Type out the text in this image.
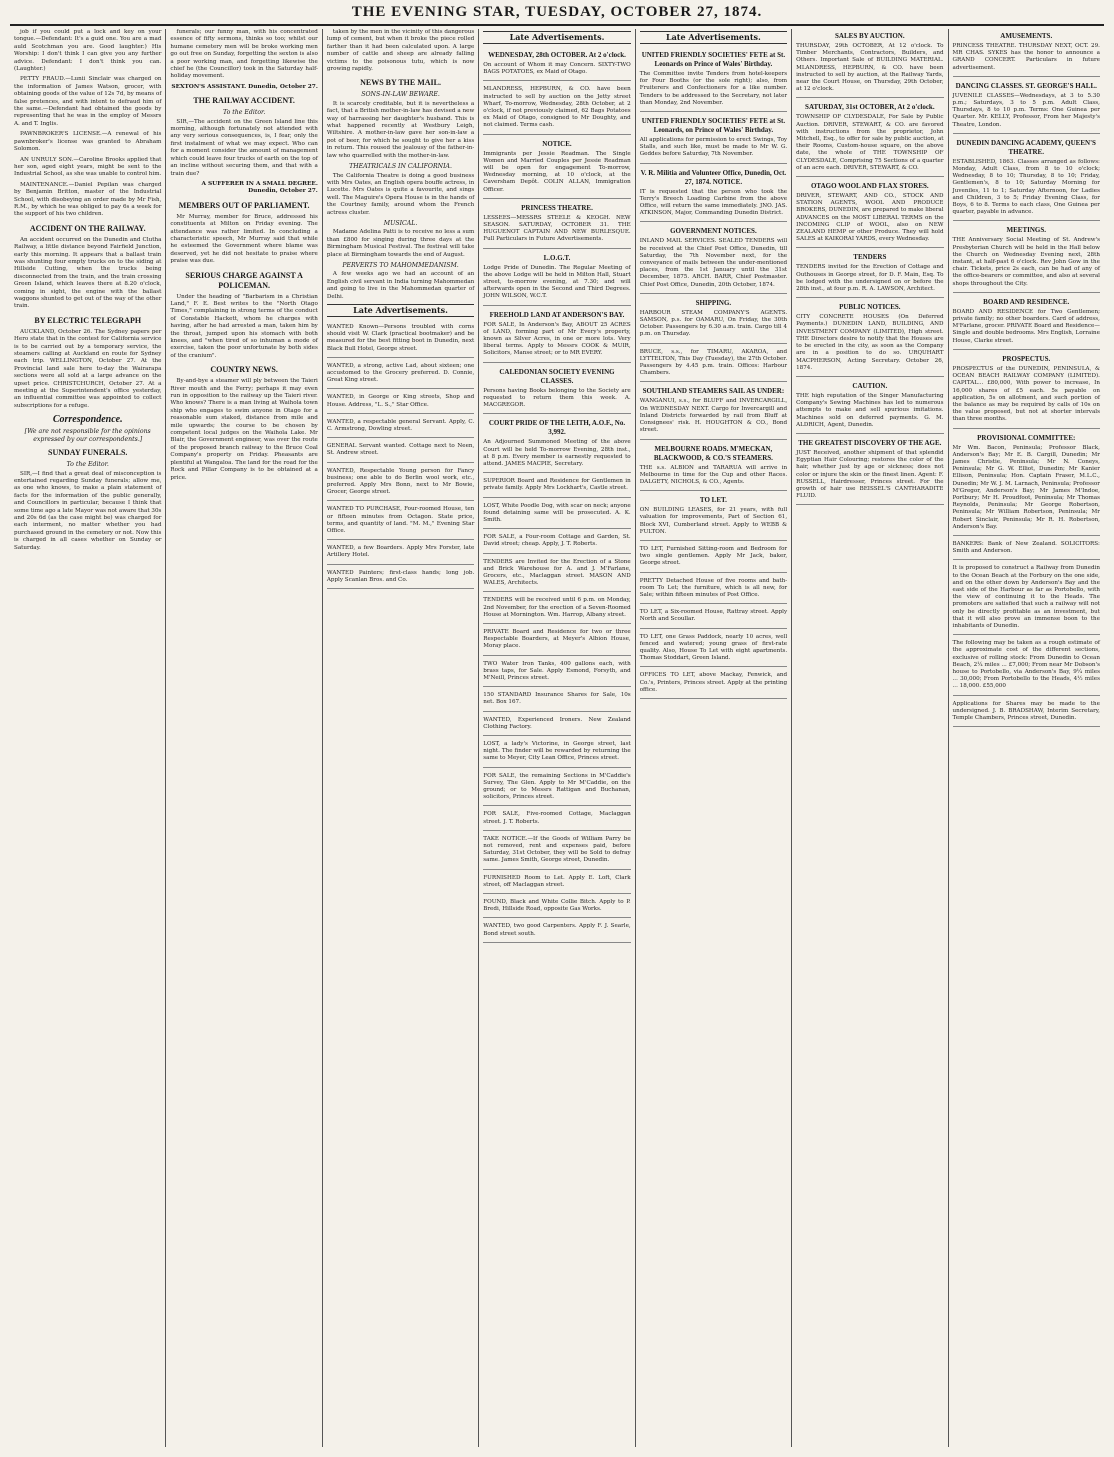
THE EVENING STAR, TUESDAY, OCTOBER 27, 1874.

job if you could put a lock and key on your tongue.—Defendant: It's a guid one. You are a mad auld Scotchman you are. Good laughter.) His Worship: I don't think I can give you any further advice. Defendant: I don't think you can. (Laughter.)

PETTY FRAUD.—Lunii Sinclair was charged on the information of James Watson, grocer, with obtaining goods of the value of 12s 7d, by means of false pretences, and with intent to defraud him of the same.—Defendant had obtained the goods by representing that he was in the employ of Messrs A. and T. Inglis.

PAWNBROKER'S LICENSE.—A renewal of his pawnbroker's license was granted to Abraham Solomon.

AN UNRULY SON.—Caroline Brooks applied that her son, aged eight years, might be sent to the Industrial School, as she was unable to control him.

MAINTENANCE.—Daniel Pepilan was charged by Benjamin Britton, master of the Industrial School, with disobeying an order made by Mr Fish, R.M., by which he was obliged to pay 6s a week for the support of his two children.

ACCIDENT ON THE RAILWAY.

An accident occurred on the Dunedin and Clutha Railway, a little distance beyond Fairfield Junction, early this morning. It appears that a ballast train was shunting four empty trucks on to the siding at Hillside Cutting, when the trucks being disconnected from the train, and the train crossing Green Island, which leaves there at 8.20 o'clock, coming in sight, the engine with the ballast waggons shunted to get out of the way of the other train.

BY ELECTRIC TELEGRAPH

AUCKLAND, October 26. The Sydney papers per Hero state that in the contest for California service is to be carried out by a temporary service, the steamers calling at Auckland en route for Sydney each trip. WELLINGTON, October 27. At the Provincial land sale here to-day the Wairarapa sections were all sold at a large advance on the upset price. CHRISTCHURCH, October 27. At a meeting at the Superintendent's office yesterday, an influential committee was appointed to collect subscriptions for a refuge.

Correspondence.
[We are not responsible for the opinions expressed by our correspondents.]
SUNDAY FUNERALS.
To the Editor.

SIR,—I find that a great deal of misconception is entertained regarding Sunday funerals; allow me, as one who knows, to make a plain statement of facts for the information of the public generally, and Councillors in particular, because I think that some time ago a late Mayor was not aware that 30s and 20s 6d (as the case might be) was charged for each interment, no matter whether you had purchased ground in the cemetery or not. Now this is charged in all cases whether on Sunday or Saturday.

funerals; our funny man, with his concentrated essence of fifty sermons, thinks so too; whilst our humane cemetery men will be broke working men go out free on Sunday, forgetting the sexton is also a poor working man, and forgetting likewise the chief he (the Councillor) took in the Saturday half-holiday movement.

SEXTON'S ASSISTANT. Dunedin, October 27.
THE RAILWAY ACCIDENT.
To the Editor.

SIR,—The accident on the Green Island line this morning, although fortunately not attended with any very serious consequences, is, I fear, only the first instalment of what we may expect. Who can for a moment consider the amount of management which could leave four trucks of earth on the top of an incline without securing them, and that with a train due?

A SUFFERER IN A SMALL DEGREE. Dunedin, October 27.
MEMBERS OUT OF PARLIAMENT.

Mr Murray, member for Bruce, addressed his constituents at Milton on Friday evening. The attendance was rather limited. In concluding a characteristic speech, Mr Murray said that while he esteemed the Government where blame was deserved, yet he did not hesitate to praise where praise was due.

SERIOUS CHARGE AGAINST A POLICEMAN.

Under the heading of "Barbarism in a Christian Land," F. E. Best writes to the "North Otago Times," complaining in strong terms of the conduct of Constable Hackett, whom he charges with having, after he had arrested a man, taken him by the throat, jumped upon his stomach with both knees, and "when tired of so inhuman a mode of exercise, taken the poor unfortunate by both sides of the cranium".

COUNTRY NEWS.

By-and-bye a steamer will ply between the Taieri River mouth and the Ferry; perhaps it may even run in opposition to the railway up the Taieri river. Who knows? There is a man living at Waihola town ship who engages to swim anyone in Otago for a reasonable sum staked, distance from mile and mile upwards; the course to be chosen by competent local judges on the Waihola Lake. Mr Blair, the Government engineer, was over the route of the proposed branch railway to the Bruce Coal Company's property on Friday. Pheasants are plentiful at Wangaloa. The land for the road for the Rock and Pillar Company is to be obtained at a price.

taken by the men in the vicinity of this dangerous lump of cement, but when it broke the piece rolled farther than it had been calculated upon. A large number of cattle and sheep are already falling victims to the poisonous tutu, which is now growing rapidly.

NEWS BY THE MAIL.
SONS-IN-LAW BEWARE.

It is scarcely creditable, but it is nevertheless a fact, that a British mother-in-law has devised a new way of harrassing her daughter's husband. This is what happened recently at Westbury Leigh, Wiltshire. A mother-in-law gave her son-in-law a pot of beer, for which he sought to give her a kiss in return. This roused the jealousy of the father-in-law who quarrelled with the mother-in-law.

THEATRICALS IN CALIFORNIA.

The California Theatre is doing a good business with Mrs Oates, an English opera bouffe actress, in Lucette. Mrs Oates is quite a favourite, and sings well. The Maguire's Opera House is in the hands of the Courtney family, around whom the French actress cluster.

MUSICAL.

Madame Adelina Patti is to receive no less a sum than £800 for singing during three days at the Birmingham Musical Festival. The festival will take place at Birmingham towards the end of August.

PERVERTS TO MAHOMMEDANISM.

A few weeks ago we had an account of an English civil servant in India turning Mahommedan and going to live in the Mahommedan quarter of Delhi.

Late Advertisements.
WANTED Known—Persons troubled with corns should visit W. Clark (practical bootmaker) and be measured for the best fitting boot in Dunedin, next Black Bull Hotel, George street.
WANTED, a strong, active Lad, about sixteen; one accustomed to the Grocery preferred. D. Connie, Great King street.
WANTED, in George or King streets, Shop and House. Address, "L. S.," Star Office.
WANTED, a respectable general Servant. Apply, C. C. Armstrong, Dowling street.
GENERAL Servant wanted. Cottage next to Neen, St. Andrew street.
WANTED, Respectable Young person for Fancy business; one able to do Berlin wool work, etc., preferred. Apply Mrs Bonn, next to Mr Bowie, Grocer, George street.
WANTED TO PURCHASE, Four-roomed House, ten or fifteen minutes from Octagon. State price, terms, and quantity of land. "M. M.," Evening Star Office.
WANTED, a few Boarders. Apply Mrs Forster, late Artillery Hotel.
WANTED Painters; first-class hands; long job. Apply Scanlan Bros. and Co.
Late Advertisements.
WEDNESDAY, 28th OCTOBER. At 2 o'clock.
On account of Whom it may Concern. SIXTY-TWO BAGS POTATOES, ex Maid of Otago.
MLANDRESS, HEPBURN, & CO. have been instructed to sell by auction on the Jetty street Wharf, To-morrow, Wednesday, 28th October, at 2 o'clock, if not previously claimed, 62 Bags Potatoes ex Maid of Otago, consigned to Mr Doughty, and not claimed. Terms cash.
NOTICE.
Immigrants per Jessie Readman. The Single Women and Married Couples per Jessie Readman will be open for engagement To-morrow, Wednesday morning, at 10 o'clock, at the Caversham Depôt. COLIN ALLAN, Immigration Officer.
PRINCESS THEATRE.
LESSEES—MESSRS STEELE & KEOGH. NEW SEASON. SATURDAY, OCTOBER 31. THE HUGUENOT CAPTAIN AND NEW BURLESQUE. Full Particulars in Future Advertisements.
L.O.G.T.
Lodge Pride of Dunedin. The Regular Meeting of the above Lodge will be held in Milton Hall, Stuart street, to-morrow evening, at 7.30; and will afterwards open in the Second and Third Degrees. JOHN WILSON, W.C.T.
FREEHOLD LAND AT ANDERSON'S BAY.
FOR SALE, In Anderson's Bay, ABOUT 25 ACRES of LAND, forming part of Mr Every's property, known as Silver Acres, in one or more lots. Very liberal terms. Apply to Messrs COOK & MUIR, Solicitors, Manse street; or to MR EVERY.
CALEDONIAN SOCIETY EVENING CLASSES.
Persons having Books belonging to the Society are requested to return them this week. A. MACGREGOR.
COURT PRIDE OF THE LEITH, A.O.F., No. 3,992.
An Adjourned Summoned Meeting of the above Court will be held To-morrow Evening, 28th inst., at 8 p.m. Every member is earnestly requested to attend. JAMES MACPIE, Secretary.
SUPERIOR Board and Residence for Gentlemen in private family. Apply Mrs Lockhart's, Castle street.
LOST, White Poodle Dog, with scar on neck; anyone found detaining same will be prosecuted. A. K. Smith.
FOR SALE, a Four-room Cottage and Garden, St. David street; cheap. Apply, J. T. Roberts.
TENDERS are Invited for the Erection of a Stone and Brick Warehouse for A. and J. M'Farlane, Grocers, etc., Maclaggan street. MASON AND WALES, Architects.
TENDERS will be received until 6 p.m. on Monday, 2nd November, for the erection of a Seven-Roomed House at Mornington. Wm. Harrop, Albany street.
PRIVATE Board and Residence for two or three Respectable Boarders, at Meyer's Albion House, Moray place.
TWO Water Iron Tanks, 400 gallons each, with brass taps, for Sale. Apply Esmond, Forsyth, and M'Neill, Princes street.
150 STANDARD Insurance Shares for Sale, 10s net. Box 167.
WANTED, Experienced Ironers. New Zealand Clothing Factory.
LOST, a lady's Victorine, in George street, last night. The finder will be rewarded by returning the same to Meyer, City Lean Office, Princes street.
FOR SALE, the remaining Sections in M'Caddie's Survey, The Glen. Apply to Mr M'Caddie, on the ground; or to Messrs Rattigan and Buchanan, solicitors, Princes street.
FOR SALE, Five-roomed Cottage, Maclaggan street. J. T. Roberts.
TAKE NOTICE.—If the Goods of William Parry be not removed, rent and expenses paid, before Saturday, 31st October, they will be Sold to defray same. James Smith, George street, Dunedin.
FURNISHED Room to Let. Apply E. Loft, Clark street, off Maclaggan street.
FOUND, Black and White Collie Bitch. Apply to P. Bredi, Hillside Road, opposite Gas Works.
WANTED, two good Carpenters. Apply F. J. Searle, Bond street south.
Late Advertisements.
UNITED FRIENDLY SOCIETIES' FETE at St. Leonards on Prince of Wales' Birthday.
The Committee invite Tenders from hotel-keepers for Four Booths (or the sole right); also, from Fruiterers and Confectioners for a like number. Tenders to be addressed to the Secretary, not later than Monday, 2nd November.
UNITED FRIENDLY SOCIETIES' FETE at St. Leonards, on Prince of Wales' Birthday.
All applications for permission to erect Swings, Toy Stalls, and such like, must be made to Mr W. G. Geddes before Saturday, 7th November.
V. R. Militia and Volunteer Office, Dunedin, Oct. 27, 1874. NOTICE.
IT is requested that the person who took the Terry's Breech Loading Carbine from the above Office, will return the same immediately. JNO. JAS. ATKINSON, Major, Commanding Dunedin District.
GOVERNMENT NOTICES.
INLAND MAIL SERVICES. SEALED TENDERS will be received at the Chief Post Office, Dunedin, till Saturday, the 7th November next, for the conveyance of mails between the under-mentioned places, from the 1st January until the 31st December, 1875. ARCH. BARR, Chief Postmaster. Chief Post Office, Dunedin, 20th October, 1874.
SHIPPING.
HARBOUR STEAM COMPANY'S AGENTS. SAMSON, p.s. for OAMARU, On Friday, the 30th October. Passengers by 6.30 a.m. train. Cargo till 4 p.m. on Thursday.
BRUCE, s.s., for TIMARU, AKAROA, and LYTTELTON, This Day (Tuesday), the 27th October. Passengers by 4.45 p.m. train. Offices: Harbour Chambers.
SOUTHLAND STEAMERS SAIL AS UNDER:
WANGANUI, s.s., for BLUFF and INVERCARGILL, On WEDNESDAY NEXT. Cargo for Invercargill and Inland Districts forwarded by rail from Bluff at Consignees' risk. H. HOUGHTON & CO., Bond street.
MELBOURNE ROADS. M'MECKAN, BLACKWOOD, & CO.'S STEAMERS.
THE s.s. ALBION and TARARUA will arrive in Melbourne in time for the Cup and other Races. DALGETY, NICHOLS, & CO., Agents.
TO LET.
ON BUILDING LEASES, for 21 years, with full valuation for improvements, Part of Section 61, Block XVI, Cumberland street. Apply to WEBB & FULTON.
TO LET, Furnished Sitting-room and Bedroom for two single gentlemen. Apply Mr Jack, baker, George street.
PRETTY Detached House of five rooms and bath-room To Let; the furniture, which is all new, for Sale; within fifteen minutes of Post Office.
TO LET, a Six-roomed House, Rattray street. Apply North and Scoullar.
TO LET, one Grass Paddock, nearly 10 acres, well fenced and watered; young grass of first-rate quality. Also, House To Let with eight apartments. Thomas Stoddart, Green Island.
OFFICES TO LET, above Mackay, Fenwick, and Co.'s, Printers, Princes street. Apply at the printing office.
SALES BY AUCTION.
THURSDAY, 29th OCTOBER, At 12 o'clock. To Timber Merchants, Contractors, Builders, and Others. Important Sale of BUILDING MATERIAL. MLANDRESS, HEPBURN, & CO. have been instructed to sell by auction, at the Railway Yards, near the Court House, on Thursday, 29th October, at 12 o'clock.
SATURDAY, 31st OCTOBER, At 2 o'clock.
TOWNSHIP OF CLYDESDALE, For Sale by Public Auction. DRIVER, STEWART, & CO. are favored with instructions from the proprietor, John Mitchell, Esq., to offer for sale by public auction, at their Rooms, Custom-house square, on the above date, the whole of THE TOWNSHIP OF CLYDESDALE, Comprising 75 Sections of a quarter of an acre each. DRIVER, STEWART, & CO.
OTAGO WOOL AND FLAX STORES.
DRIVER, STEWART, AND CO., STOCK AND STATION AGENTS, WOOL AND PRODUCE BROKERS, DUNEDIN, are prepared to make liberal ADVANCES on the MOST LIBERAL TERMS on the INCOMING CLIP of WOOL, also on NEW ZEALAND HEMP or other Produce. They will hold SALES at KAIKORAI YARDS, every Wednesday.
TENDERS
TENDERS invited for the Erection of Cottage and Outhouses in George street, for D. F. Main, Esq. To be lodged with the undersigned on or before the 28th inst., at four p.m. R. A. LAWSON, Architect.
PUBLIC NOTICES.
CITY CONCRETE HOUSES (On Deferred Payments.) DUNEDIN LAND, BUILDING, AND INVESTMENT COMPANY (LIMITED), High street. THE Directors desire to notify that the Houses are to be erected in the city, as soon as the Company are in a position to do so. URQUHART MACPHERSON, Acting Secretary. October 26, 1874.
CAUTION.
THE high reputation of the Singer Manufacturing Company's Sewing Machines has led to numerous attempts to make and sell spurious imitations. Machines sold on deferred payments. G. M. ALDRICH, Agent, Dunedin.
THE GREATEST DISCOVERY OF THE AGE.
JUST Received, another shipment of that splendid Egyptian Hair Colouring; restores the color of the hair, whether just by age or sickness; does not color or injure the skin or the finest linen. Agent: F. RUSSELL, Hairdresser, Princes street. For the growth of hair use BEISSEL'S CANTHARADITE FLUID.
AMUSEMENTS.
PRINCESS THEATRE. THURSDAY NEXT, OCT. 29. MR CHAS. SYKES has the honor to announce a GRAND CONCERT. Particulars in future advertisement.
DANCING CLASSES. ST. GEORGE'S HALL.
JUVENILE CLASSES—Wednesdays, at 3 to 5.30 p.m.; Saturdays, 3 to 5 p.m. Adult Class, Thursdays, 8 to 10 p.m. Terms: One Guinea per Quarter. Mr. KELLY, Professor, From her Majesty's Theatre, London.
DUNEDIN DANCING ACADEMY, QUEEN'S THEATRE.
ESTABLISHED, 1863. Classes arranged as follows: Monday, Adult Class, from 8 to 10 o'clock; Wednesday, 8 to 10; Thursday, 8 to 10; Friday, Gentlemen's, 8 to 10; Saturday Morning for Juveniles, 11 to 1; Saturday Afternoon, for Ladies and Children, 3 to 5; Friday Evening Class, for Boys, 6 to 8. Terms to each class, One Guinea per quarter, payable in advance.
MEETINGS.
THE Anniversary Social Meeting of St. Andrew's Presbyterian Church will be held in the Hall below the Church on Wednesday Evening next, 28th instant, at half-past 6 o'clock. Rev John Gow in the chair. Tickets, price 2s each, can be had of any of the office-bearers or committee, and also at several shops throughout the City.
BOARD AND RESIDENCE.
BOARD AND RESIDENCE for Two Gentlemen; private family; no other boarders. Card of address, M'Farlane, grocer. PRIVATE Board and Residence—Single and double bedrooms. Mrs English, Lorraine House, Clarke street.
PROSPECTUS.
PROSPECTUS of the DUNEDIN, PENINSULA, & OCEAN BEACH RAILWAY COMPANY (LIMITED). CAPITAL... £80,000, With power to increase, In 16,000 shares of £5 each. 5s payable on application, 5s on allotment, and such portion of the balance as may be required by calls of 10s on the value proposed, but not at shorter intervals than three months.
PROVISIONAL COMMITTEE:
Mr Wm. Bacon, Peninsula; Professor Black, Anderson's Bay; Mr E. B. Cargill, Dunedin; Mr James Christie, Peninsula; Mr N. Coneys, Peninsula; Mr G. W. Elliot, Dunedin; Mr Kanier Ellison, Peninsula; Hon. Captain Fraser, M.L.C., Dunedin; Mr W. J. M. Larnach, Peninsula; Professor M'Gregor, Anderson's Bay; Mr James M'Indoe, Portbury; Mr H. Proudfoot, Peninsula; Mr Thomas Reynolds, Peninsula; Mr George Robertson, Peninsula; Mr William Robertson, Peninsula; Mr Robert Sinclair, Peninsula; Mr R. H. Robertson, Anderson's Bay.
BANKERS: Bank of New Zealand. SOLICITORS: Smith and Anderson.
It is proposed to construct a Railway from Dunedin to the Ocean Beach at the Forbury on the one side, and on the other down by Anderson's Bay and the east side of the Harbour as far as Portobello, with the view of continuing it to the Heads. The promoters are satisfied that such a railway will not only be directly profitable as an investment, but that it will also prove an immense boon to the inhabitants of Dunedin.
The following may be taken as a rough estimate of the approximate cost of the different sections, exclusive of rolling stock: From Dunedin to Ocean Beach, 2¼ miles ... £7,000; From near Mr Dobson's house to Portobello, via Anderson's Bay, 9¼ miles ... 30,000; From Portobello to the Heads, 4½ miles ... 18,000. £55,000
Applications for Shares may be made to the undersigned. J. B. BRADSHAW, Interim Secretary, Temple Chambers, Princes street, Dunedin.
